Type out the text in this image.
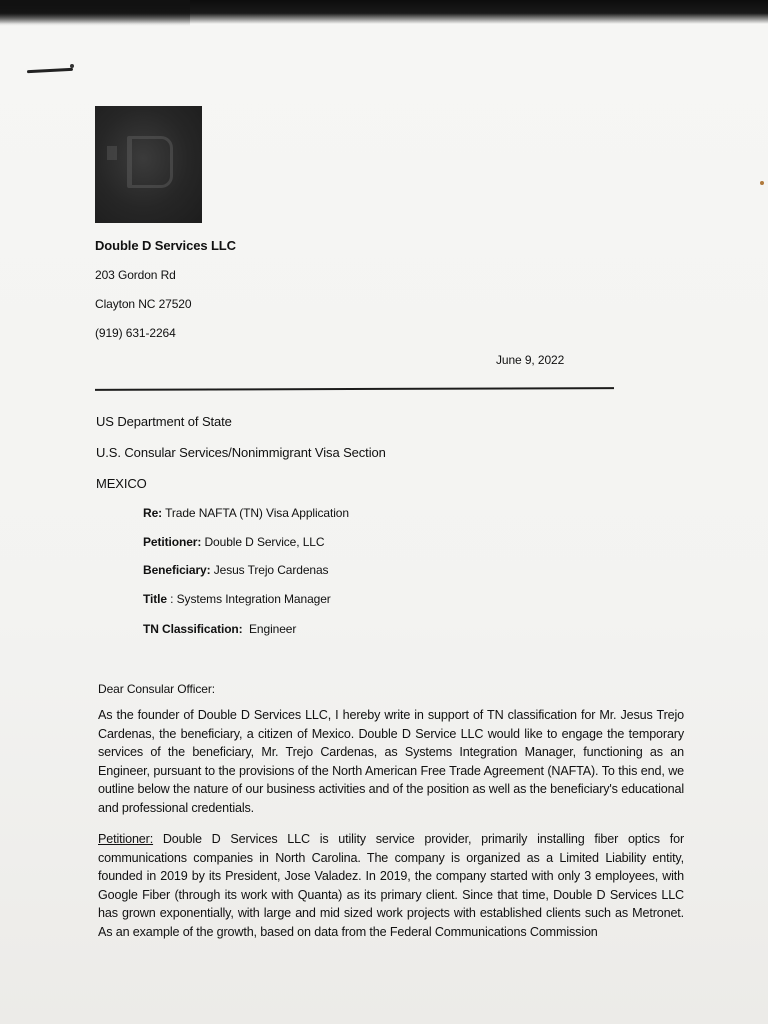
Double D Services LLC
203 Gordon Rd
Clayton NC 27520
(919) 631-2264
June 9, 2022
US Department of State
U.S. Consular Services/Nonimmigrant Visa Section
MEXICO
Re: Trade NAFTA (TN) Visa Application
Petitioner: Double D Service, LLC
Beneficiary: Jesus Trejo Cardenas
Title : Systems Integration Manager
TN Classification:  Engineer
Dear Consular Officer:
As the founder of Double D Services LLC, I hereby write in support of TN classification for Mr. Jesus Trejo Cardenas, the beneficiary, a citizen of Mexico. Double D Service LLC would like to engage the temporary services of the beneficiary, Mr. Trejo Cardenas, as Systems Integration Manager, functioning as an Engineer, pursuant to the provisions of the North American Free Trade Agreement (NAFTA). To this end, we outline below the nature of our business activities and of the position as well as the beneficiary's educational and professional credentials.
Petitioner: Double D Services LLC is utility service provider, primarily installing fiber optics for communications companies in North Carolina. The company is organized as a Limited Liability entity, founded in 2019 by its President, Jose Valadez. In 2019, the company started with only 3 employees, with Google Fiber (through its work with Quanta) as its primary client. Since that time, Double D Services LLC has grown exponentially, with large and mid sized work projects with established clients such as Metronet. As an example of the growth, based on data from the Federal Communications Commission
